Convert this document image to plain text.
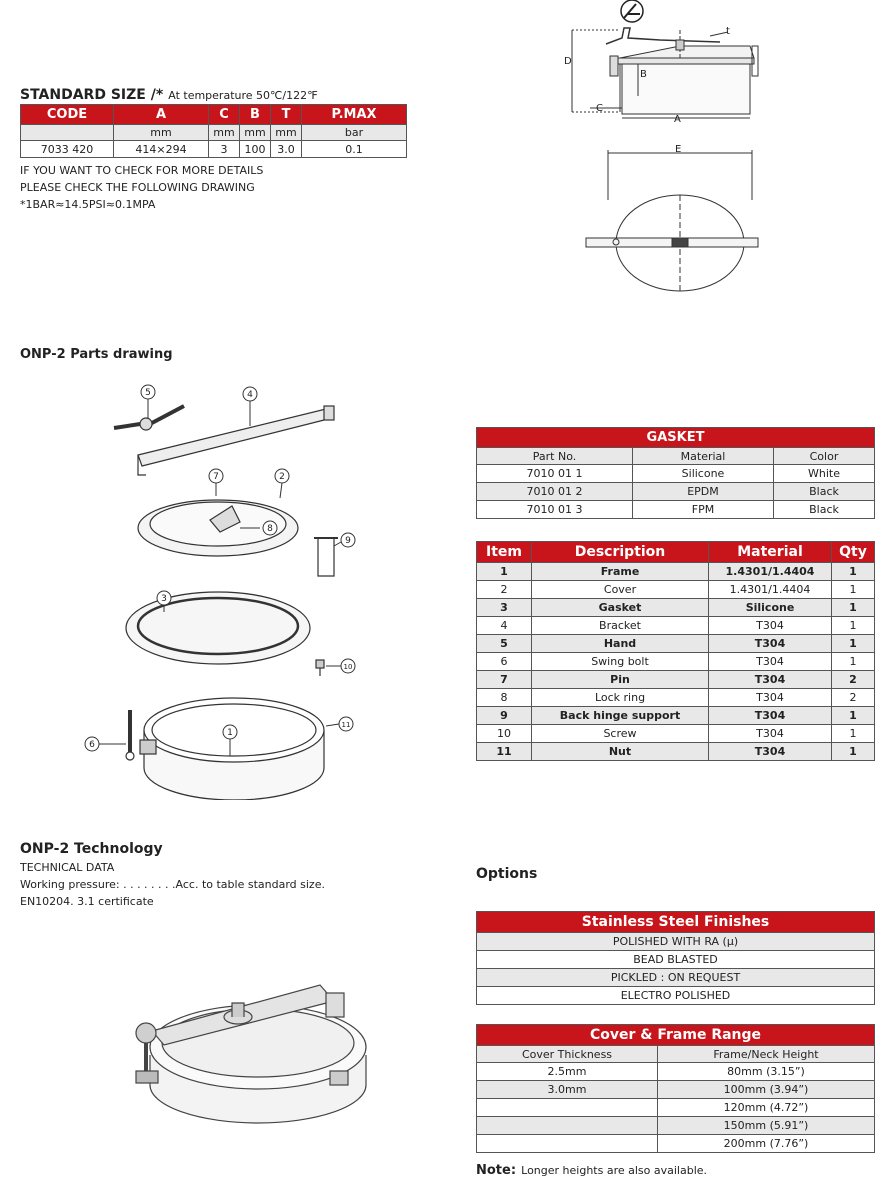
STANDARD SIZE /* At temperature 50℃/122℉
CODE	A	C	B	T	P.MAX
	mm	mm	mm	mm	bar
7033 420	414×294	3	100	3.0	0.1
IF YOU WANT TO CHECK FOR MORE DETAILS
PLEASE CHECK THE FOLLOWING DRAWING
*1BAR≈14.5PSI≈0.1MPA
D
B
C
A
t
E
ONP-2 Parts drawing
5	4
7	2
3
8
9
10
1
11
6
GASKET		
Part No.	Material	Color
7010 01 1	Silicone	White
7010 01 2	EPDM	Black
7010 01 3	FPM	Black
Item	Description	Material	Qty
1	Frame	1.4301/1.4404	1
2	Cover	1.4301/1.4404	1
3	Gasket	Silicone	1
4	Bracket	T304	1
5	Hand	T304	1
6	Swing bolt	T304	1
7	Pin	T304	2
8	Lock ring	T304	2
9	Back hinge support	T304	1
10	Screw	T304	1
11	Nut	T304	1
ONP-2 Technology
TECHNICAL DATA
Working pressure: . . . . . . . .Acc. to table standard size.
EN10204. 3.1 certificate
Options
Stainless Steel Finishes
POLISHED WITH RA (μ)
BEAD BLASTED
PICKLED : ON REQUEST
ELECTRO POLISHED
Cover & Frame Range	
Cover Thickness	Frame/Neck Height
2.5mm	80mm (3.15”)
3.0mm	100mm (3.94”)
	120mm (4.72”)
	150mm (5.91”)
	200mm (7.76”)
Note: Longer heights are also available.
